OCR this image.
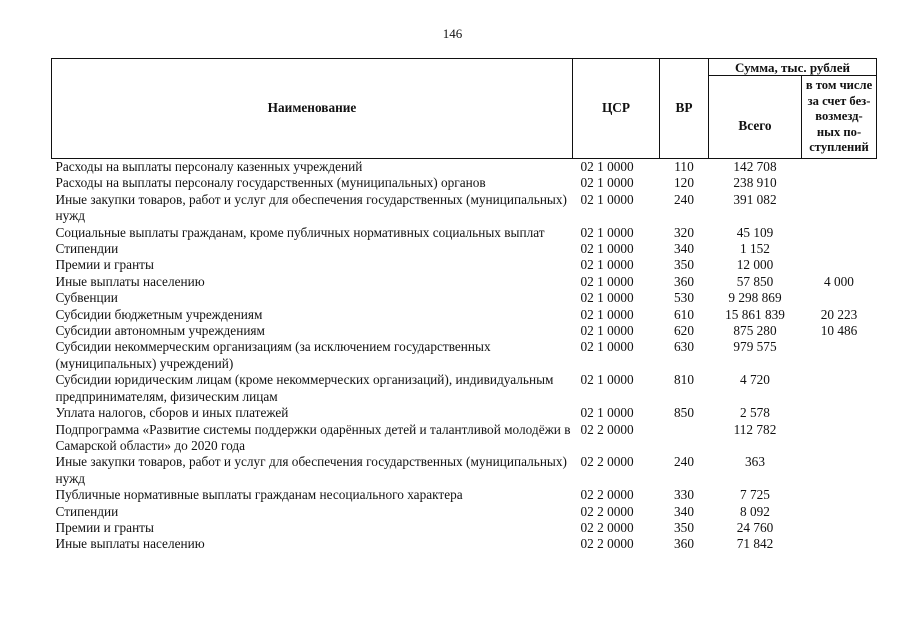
146
Наименование	ЦСР	ВР	Сумма, тыс. рублей	
			Всего	в том числе
за счет без-
возмезд-
ных по-
ступлений
Расходы на выплаты персоналу казенных учреждений	02 1 0000	110	142 708	
Расходы на выплаты персоналу государственных (муниципальных) органов	02 1 0000	120	238 910	
Иные закупки товаров, работ и услуг для обеспечения государственных (муниципальных) нужд	02 1 0000	240	391 082	
Социальные выплаты гражданам, кроме публичных нормативных социальных выплат	02 1 0000	320	45 109	
Стипендии	02 1 0000	340	1 152	
Премии и гранты	02 1 0000	350	12 000	
Иные выплаты населению	02 1 0000	360	57 850	4 000
Субвенции	02 1 0000	530	9 298 869	
Субсидии бюджетным учреждениям	02 1 0000	610	15 861 839	20 223
Субсидии автономным учреждениям	02 1 0000	620	875 280	10 486
Субсидии некоммерческим организациям (за исключением государственных (муниципальных) учреждений)	02 1 0000	630	979 575	
Субсидии юридическим лицам (кроме некоммерческих организаций), индивидуальным предпринимателям, физическим лицам	02 1 0000	810	4 720	
Уплата налогов, сборов и иных платежей	02 1 0000	850	2 578	
Подпрограмма «Развитие системы поддержки одарённых детей и талантливой молодёжи в Самарской области» до 2020 года	02 2 0000		112 782	
Иные закупки товаров, работ и услуг для обеспечения государственных (муниципальных) нужд	02 2 0000	240	363	
Публичные нормативные выплаты гражданам несоциального характера	02 2 0000	330	7 725	
Стипендии	02 2 0000	340	8 092	
Премии и гранты	02 2 0000	350	24 760	
Иные выплаты населению	02 2 0000	360	71 842	
